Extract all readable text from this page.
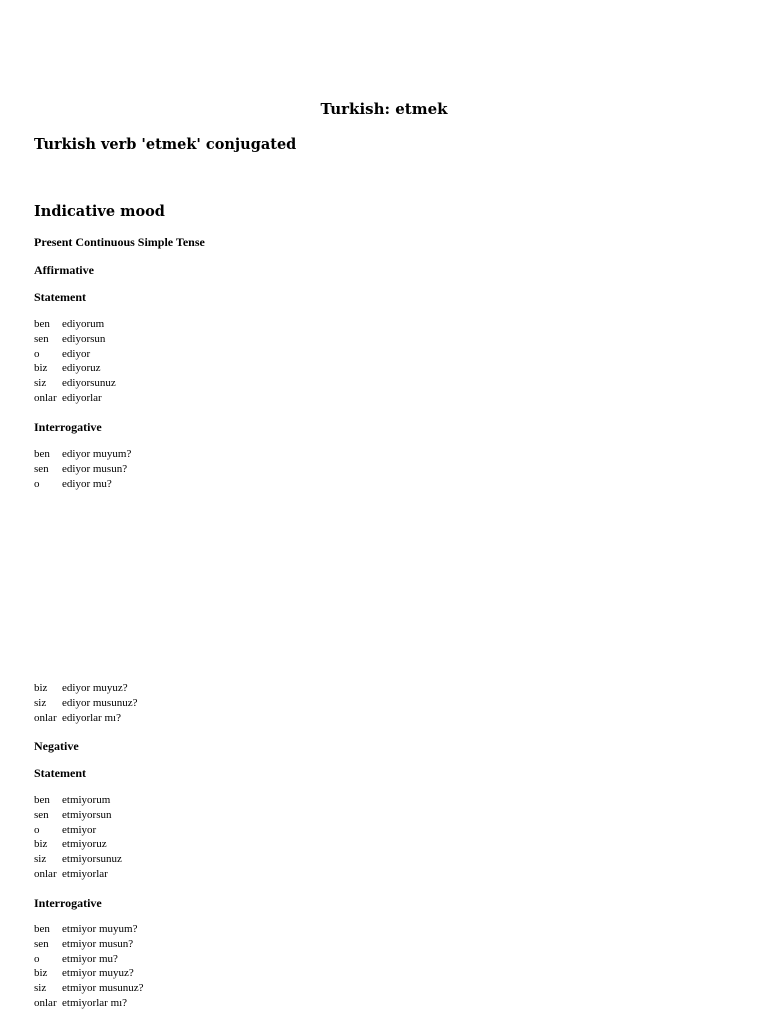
Turkish: etmek
Turkish verb 'etmek' conjugated
Indicative mood
Present Continuous Simple Tense
Affirmative
Statement
ben ediyorum
sen ediyorsun
o ediyor
biz ediyoruz
siz ediyorsunuz
onlar ediyorlar
Interrogative
ben ediyor muyum?
sen ediyor musun?
o ediyor mu?
biz ediyor muyuz?
siz ediyor musunuz?
onlar ediyorlar mı?
Negative
Statement
ben etmiyorum
sen etmiyorsun
o etmiyor
biz etmiyoruz
siz etmiyorsunuz
onlar etmiyorlar
Interrogative
ben etmiyor muyum?
sen etmiyor musun?
o etmiyor mu?
biz etmiyor muyuz?
siz etmiyor musunuz?
onlar etmiyorlar mı?
